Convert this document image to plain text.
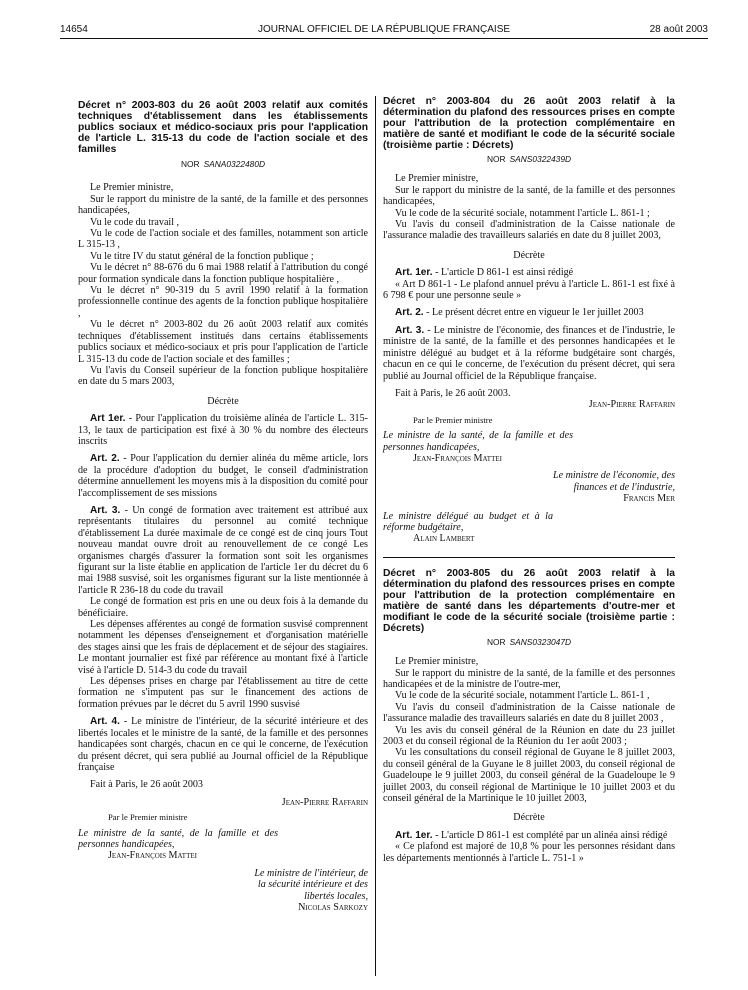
14654	JOURNAL OFFICIEL DE LA RÉPUBLIQUE FRANÇAISE	28 août 2003
Décret n° 2003-803 du 26 août 2003 relatif aux comités techniques d'établissement dans les établissements publics sociaux et médico-sociaux pris pour l'application de l'article L. 315-13 du code de l'action sociale et des familles
NOR SANA0322480D

Le Premier ministre,

Sur le rapport du ministre de la santé, de la famille et des personnes handicapées,

Vu le code du travail ,

Vu le code de l'action sociale et des familles, notamment son article L 315-13 ,

Vu le titre IV du statut général de la fonction publique ;

Vu le décret n° 88-676 du 6 mai 1988 relatif à l'attribution du congé pour formation syndicale dans la fonction publique hospitalière ,

Vu le décret n° 90-319 du 5 avril 1990 relatif à la formation professionnelle continue des agents de la fonction publique hospitalière ,

Vu le décret n° 2003-802 du 26 août 2003 relatif aux comités techniques d'établissement institués dans certains établissements publics sociaux et médico-sociaux et pris pour l'application de l'article L 315-13 du code de l'action sociale et des familles ;

Vu l'avis du Conseil supérieur de la fonction publique hospitalière en date du 5 mars 2003,

Décrète

Art 1er. - Pour l'application du troisième alinéa de l'article L. 315-13, le taux de participation est fixé à 30 % du nombre des électeurs inscrits

Art. 2. - Pour l'application du dernier alinéa du même article, lors de la procédure d'adoption du budget, le conseil d'administration détermine annuellement les moyens mis à la disposition du comité pour l'accomplissement de ses missions

Art. 3. - Un congé de formation avec traitement est attribué aux représentants titulaires du personnel au comité technique d'établissement La durée maximale de ce congé est de cinq jours Tout nouveau mandat ouvre droit au renouvellement de ce congé Les organismes chargés d'assurer la formation sont soit les organismes figurant sur la liste établie en application de l'article 1er du décret du 6 mai 1988 susvisé, soit les organismes figurant sur la liste mentionnée à l'article R 236-18 du code du travail

Le congé de formation est pris en une ou deux fois à la demande du bénéficiaire.

Les dépenses afférentes au congé de formation susvisé comprennent notamment les dépenses d'enseignement et d'organisation matérielle des stages ainsi que les frais de déplacement et de séjour des stagiaires. Le montant journalier est fixé par référence au montant fixé à l'article visé à l'article D. 514-3 du code du travail

Les dépenses prises en charge par l'établissement au titre de cette formation ne s'imputent pas sur le financement des actions de formation prévues par le décret du 5 avril 1990 susvisé

Art. 4. - Le ministre de l'intérieur, de la sécurité intérieure et des libertés locales et le ministre de la santé, de la famille et des personnes handicapées sont chargés, chacun en ce qui le concerne, de l'exécution du présent décret, qui sera publié au Journal officiel de la République française

Fait à Paris, le 26 août 2003

Jean-Pierre Raffarin

Par le Premier ministre

Le ministre de la santé, de la famille et des personnes handicapées,

Jean-François Mattei

Le ministre de l'intérieur, de la sécurité intérieure et des libertés locales,

Nicolas Sarkozy

Décret n° 2003-804 du 26 août 2003 relatif à la détermination du plafond des ressources prises en compte pour l'attribution de la protection complémentaire en matière de santé et modifiant le code de la sécurité sociale (troisième partie : Décrets)
NOR SANS0322439D

Le Premier ministre,

Sur le rapport du ministre de la santé, de la famille et des personnes handicapées,

Vu le code de la sécurité sociale, notamment l'article L. 861-1 ;

Vu l'avis du conseil d'administration de la Caisse nationale de l'assurance maladie des travailleurs salariés en date du 8 juillet 2003,

Décrète

Art. 1er. - L'article D 861-1 est ainsi rédigé

« Art D 861-1 - Le plafond annuel prévu à l'article L. 861-1 est fixé à 6 798 € pour une personne seule »

Art. 2. - Le présent décret entre en vigueur le 1er juillet 2003

Art. 3. - Le ministre de l'économie, des finances et de l'industrie, le ministre de la santé, de la famille et des personnes handicapées et le ministre délégué au budget et à la réforme budgétaire sont chargés, chacun en ce qui le concerne, de l'exécution du présent décret, qui sera publié au Journal officiel de la République française.

Fait à Paris, le 26 août 2003.

Jean-Pierre Raffarin

Par le Premier ministre

Le ministre de la santé, de la famille et des personnes handicapées,

Jean-François Mattei

Le ministre de l'économie, des finances et de l'industrie,

Francis Mer

Le ministre délégué au budget et à la réforme budgétaire,

Alain Lambert

Décret n° 2003-805 du 26 août 2003 relatif à la détermination du plafond des ressources prises en compte pour l'attribution de la protection complémentaire en matière de santé dans les départements d'outre-mer et modifiant le code de la sécurité sociale (troisième partie : Décrets)
NOR SANS0323047D

Le Premier ministre,

Sur le rapport du ministre de la santé, de la famille et des personnes handicapées et de la ministre de l'outre-mer,

Vu le code de la sécurité sociale, notamment l'article L. 861-1 ,

Vu l'avis du conseil d'administration de la Caisse nationale de l'assurance maladie des travailleurs salariés en date du 8 juillet 2003 ,

Vu les avis du conseil général de la Réunion en date du 23 juillet 2003 et du conseil régional de la Réunion du 1er août 2003 ;

Vu les consultations du conseil régional de Guyane le 8 juillet 2003, du conseil général de la Guyane le 8 juillet 2003, du conseil régional de Guadeloupe le 9 juillet 2003, du conseil général de la Guadeloupe le 9 juillet 2003, du conseil régional de Martinique le 10 juillet 2003 et du conseil général de la Martinique le 10 juillet 2003,

Décrète

Art. 1er. - L'article D 861-1 est complété par un alinéa ainsi rédigé

« Ce plafond est majoré de 10,8 % pour les personnes résidant dans les départements mentionnés à l'article L. 751-1 »
